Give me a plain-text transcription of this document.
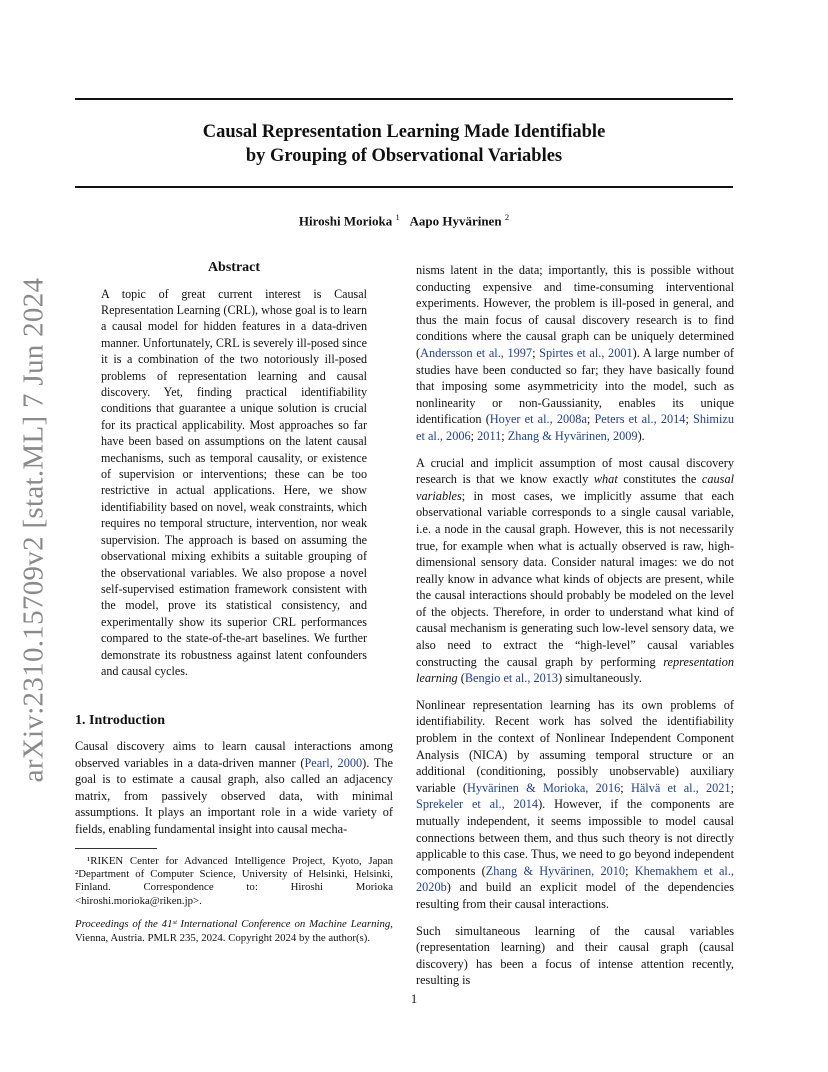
arXiv:2310.15709v2 [stat.ML] 7 Jun 2024
Causal Representation Learning Made Identifiable
by Grouping of Observational Variables
Hiroshi Morioka $^1$ Aapo Hyvärinen $^2$
Abstract

A topic of great current interest is Causal Representation Learning (CRL), whose goal is to learn a causal model for hidden features in a data-driven manner. Unfortunately, CRL is severely ill-posed since it is a combination of the two notoriously ill-posed problems of representation learning and causal discovery. Yet, finding practical identifiability conditions that guarantee a unique solution is crucial for its practical applicability. Most approaches so far have been based on assumptions on the latent causal mechanisms, such as temporal causality, or existence of supervision or interventions; these can be too restrictive in actual applications. Here, we show identifiability based on novel, weak constraints, which requires no temporal structure, intervention, nor weak supervision. The approach is based on assuming the observational mixing exhibits a suitable grouping of the observational variables. We also propose a novel self-supervised estimation framework consistent with the model, prove its statistical consistency, and experimentally show its superior CRL performances compared to the state-of-the-art baselines. We further demonstrate its robustness against latent confounders and causal cycles.

1. Introduction

Causal discovery aims to learn causal interactions among observed variables in a data-driven manner (Pearl, 2000). The goal is to estimate a causal graph, also called an adjacency matrix, from passively observed data, with minimal assumptions. It plays an important role in a wide variety of fields, enabling fundamental insight into causal mecha-

¹RIKEN Center for Advanced Intelligence Project, Kyoto, Japan ²Department of Computer Science, University of Helsinki, Helsinki, Finland. Correspondence to: Hiroshi Morioka <hiroshi.morioka@riken.jp>.

Proceedings of the 41ˢᵗ International Conference on Machine Learning, Vienna, Austria. PMLR 235, 2024. Copyright 2024 by the author(s).

nisms latent in the data; importantly, this is possible without conducting expensive and time-consuming interventional experiments. However, the problem is ill-posed in general, and thus the main focus of causal discovery research is to find conditions where the causal graph can be uniquely determined (Andersson et al., 1997; Spirtes et al., 2001). A large number of studies have been conducted so far; they have basically found that imposing some asymmetricity into the model, such as nonlinearity or non-Gaussianity, enables its unique identification (Hoyer et al., 2008a; Peters et al., 2014; Shimizu et al., 2006; 2011; Zhang & Hyvärinen, 2009).

A crucial and implicit assumption of most causal discovery research is that we know exactly what constitutes the causal variables; in most cases, we implicitly assume that each observational variable corresponds to a single causal variable, i.e. a node in the causal graph. However, this is not necessarily true, for example when what is actually observed is raw, high-dimensional sensory data. Consider natural images: we do not really know in advance what kinds of objects are present, while the causal interactions should probably be modeled on the level of the objects. Therefore, in order to understand what kind of causal mechanism is generating such low-level sensory data, we also need to extract the “high-level” causal variables constructing the causal graph by performing representation learning (Bengio et al., 2013) simultaneously.

Nonlinear representation learning has its own problems of identifiability. Recent work has solved the identifiability problem in the context of Nonlinear Independent Component Analysis (NICA) by assuming temporal structure or an additional (conditioning, possibly unobservable) auxiliary variable (Hyvärinen & Morioka, 2016; Hälvä et al., 2021; Sprekeler et al., 2014). However, if the components are mutually independent, it seems impossible to model causal connections between them, and thus such theory is not directly applicable to this case. Thus, we need to go beyond independent components (Zhang & Hyvärinen, 2010; Khemakhem et al., 2020b) and build an explicit model of the dependencies resulting from their causal interactions.

Such simultaneous learning of the causal variables (representation learning) and their causal graph (causal discovery) has been a focus of intense attention recently, resulting is

1
